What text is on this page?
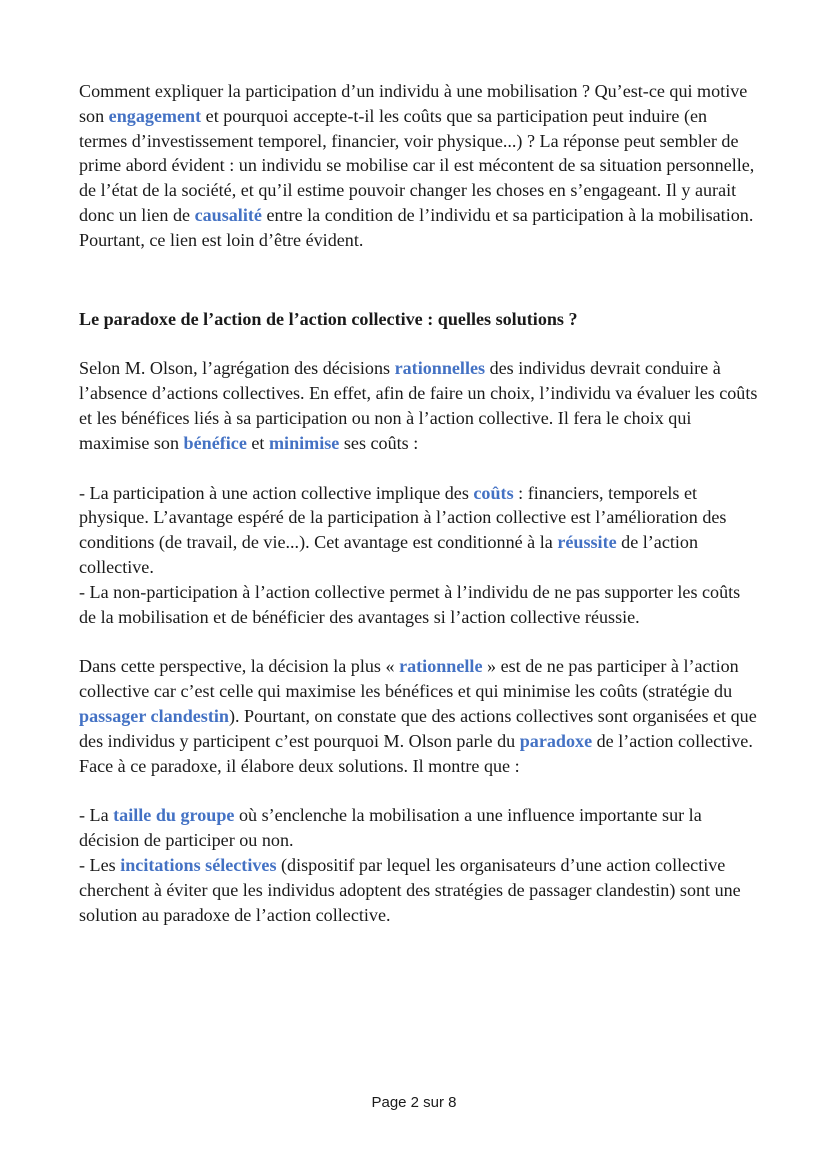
Comment expliquer la participation d’un individu à une mobilisation ? Qu’est-ce qui motive son engagement et pourquoi accepte-t-il les coûts que sa participation peut induire (en termes d’investissement temporel, financier, voir physique...) ? La réponse peut sembler de prime abord évident : un individu se mobilise car il est mécontent de sa situation personnelle, de l’état de la société, et qu’il estime pouvoir changer les choses en s’engageant. Il y aurait donc un lien de causalité entre la condition de l’individu et sa participation à la mobilisation. Pourtant, ce lien est loin d’être évident.

Le paradoxe de l’action de l’action collective : quelles solutions ?

Selon M. Olson, l’agrégation des décisions rationnelles des individus devrait conduire à l’absence d’actions collectives. En effet, afin de faire un choix, l’individu va évaluer les coûts et les bénéfices liés à sa participation ou non à l’action collective. Il fera le choix qui maximise son bénéfice et minimise ses coûts :

- La participation à une action collective implique des coûts : financiers, temporels et physique. L’avantage espéré de la participation à l’action collective est l’amélioration des conditions (de travail, de vie...). Cet avantage est conditionné à la réussite de l’action collective.

- La non-participation à l’action collective permet à l’individu de ne pas supporter les coûts de la mobilisation et de bénéficier des avantages si l’action collective réussie.

Dans cette perspective, la décision la plus « rationnelle » est de ne pas participer à l’action collective car c’est celle qui maximise les bénéfices et qui minimise les coûts (stratégie du passager clandestin). Pourtant, on constate que des actions collectives sont organisées et que des individus y participent c’est pourquoi M. Olson parle du paradoxe de l’action collective. Face à ce paradoxe, il élabore deux solutions. Il montre que :

- La taille du groupe où s’enclenche la mobilisation a une influence importante sur la décision de participer ou non.

- Les incitations sélectives (dispositif par lequel les organisateurs d’une action collective cherchent à éviter que les individus adoptent des stratégies de passager clandestin) sont une solution au paradoxe de l’action collective.

Page 2 sur 8
